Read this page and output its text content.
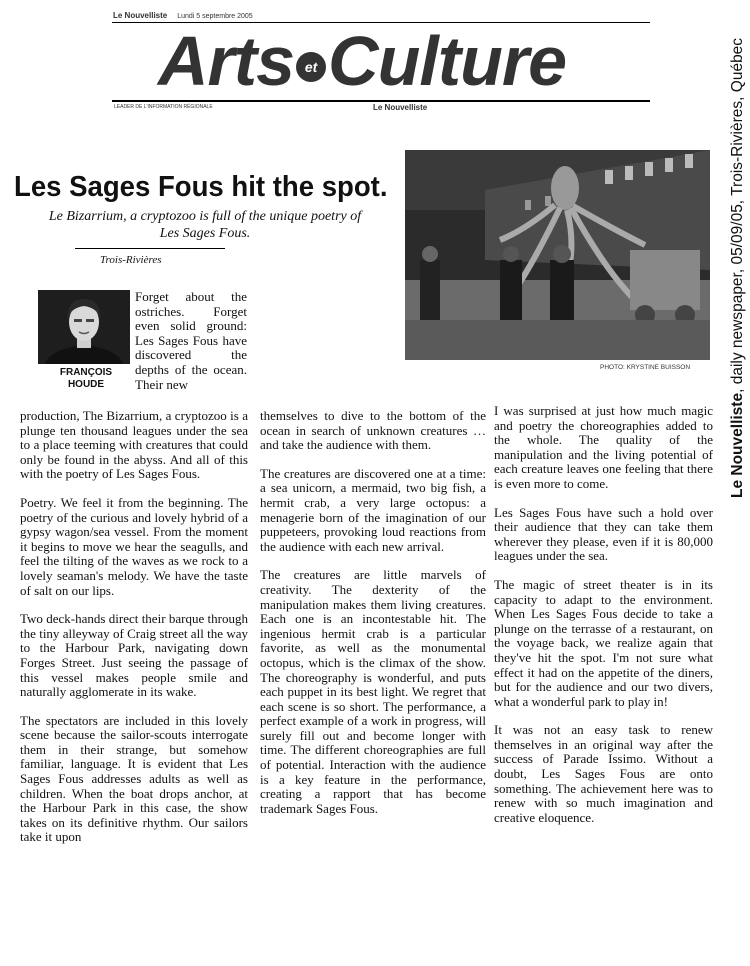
Le Nouvelliste Lundi 5 septembre 2005
Arts et Culture
LEADER DE L'INFORMATION RÉGIONALE	Le Nouvelliste
Les Sages Fous hit the spot.
Le Bizarrium, a cryptozoo is full of the unique poetry of Les Sages Fous.
Trois-Rivières
FRANÇOIS
HOUDE
Forget about the ostriches. Forget even solid ground: Les Sages Fous have discovered the depths of the ocean. Their new
PHOTO: KRYSTINE BUISSON

production, The Bizarrium, a cryptozoo is a plunge ten thousand leagues under the sea to a place teeming with creatures that could only be found in the abyss. And all of this with the poetry of Les Sages Fous.

Poetry. We feel it from the beginning. The poetry of the curious and lovely hybrid of a gypsy wagon/sea vessel. From the moment it begins to move we hear the seagulls, and feel the tilting of the waves as we rock to a lovely seaman's melody. We have the taste of salt on our lips.

Two deck-hands direct their barque through the tiny alleyway of Craig street all the way to the Harbour Park, navigating down Forges Street. Just seeing the passage of this vessel makes people smile and naturally agglomerate in its wake.

The spectators are included in this lovely scene because the sailor-scouts interrogate them in their strange, but somehow familiar, language. It is evident that Les Sages Fous addresses adults as well as children. When the boat drops anchor, at the Harbour Park in this case, the show takes on its definitive rhythm. Our sailors take it upon

themselves to dive to the bottom of the ocean in search of unknown creatures …and take the audience with them.

The creatures are discovered one at a time: a sea unicorn, a mermaid, two big fish, a hermit crab, a very large octopus: a menagerie born of the imagination of our puppeteers, provoking loud reactions from the audience with each new arrival.

The creatures are little marvels of creativity. The dexterity of the manipulation makes them living creatures. Each one is an incontestable hit. The ingenious hermit crab is a particular favorite, as well as the monumental octopus, which is the climax of the show. The choreography is wonderful, and puts each puppet in its best light. We regret that each scene is so short. The performance, a perfect example of a work in progress, will surely fill out and become longer with time. The different choreographies are full of potential. Interaction with the audience is a key feature in the performance, creating a rapport that has become trademark Sages Fous.

I was surprised at just how much magic and poetry the choreographies added to the whole. The quality of the manipulation and the living potential of each creature leaves one feeling that there is even more to come.

Les Sages Fous have such a hold over their audience that they can take them wherever they please, even if it is 80,000 leagues under the sea.

The magic of street theater is in its capacity to adapt to the environment. When Les Sages Fous decide to take a plunge on the terrasse of a restaurant, on the voyage back, we realize again that they've hit the spot. I'm not sure what effect it had on the appetite of the diners, but for the audience and our two divers, what a wonderful park to play in!

It was not an easy task to renew themselves in an original way after the success of Parade Issimo. Without a doubt, Les Sages Fous are onto something. The achievement here was to renew with so much imagination and creative eloquence.

Le Nouvelliste, daily newspaper, 05/09/05, Trois-Rivières, Québec
